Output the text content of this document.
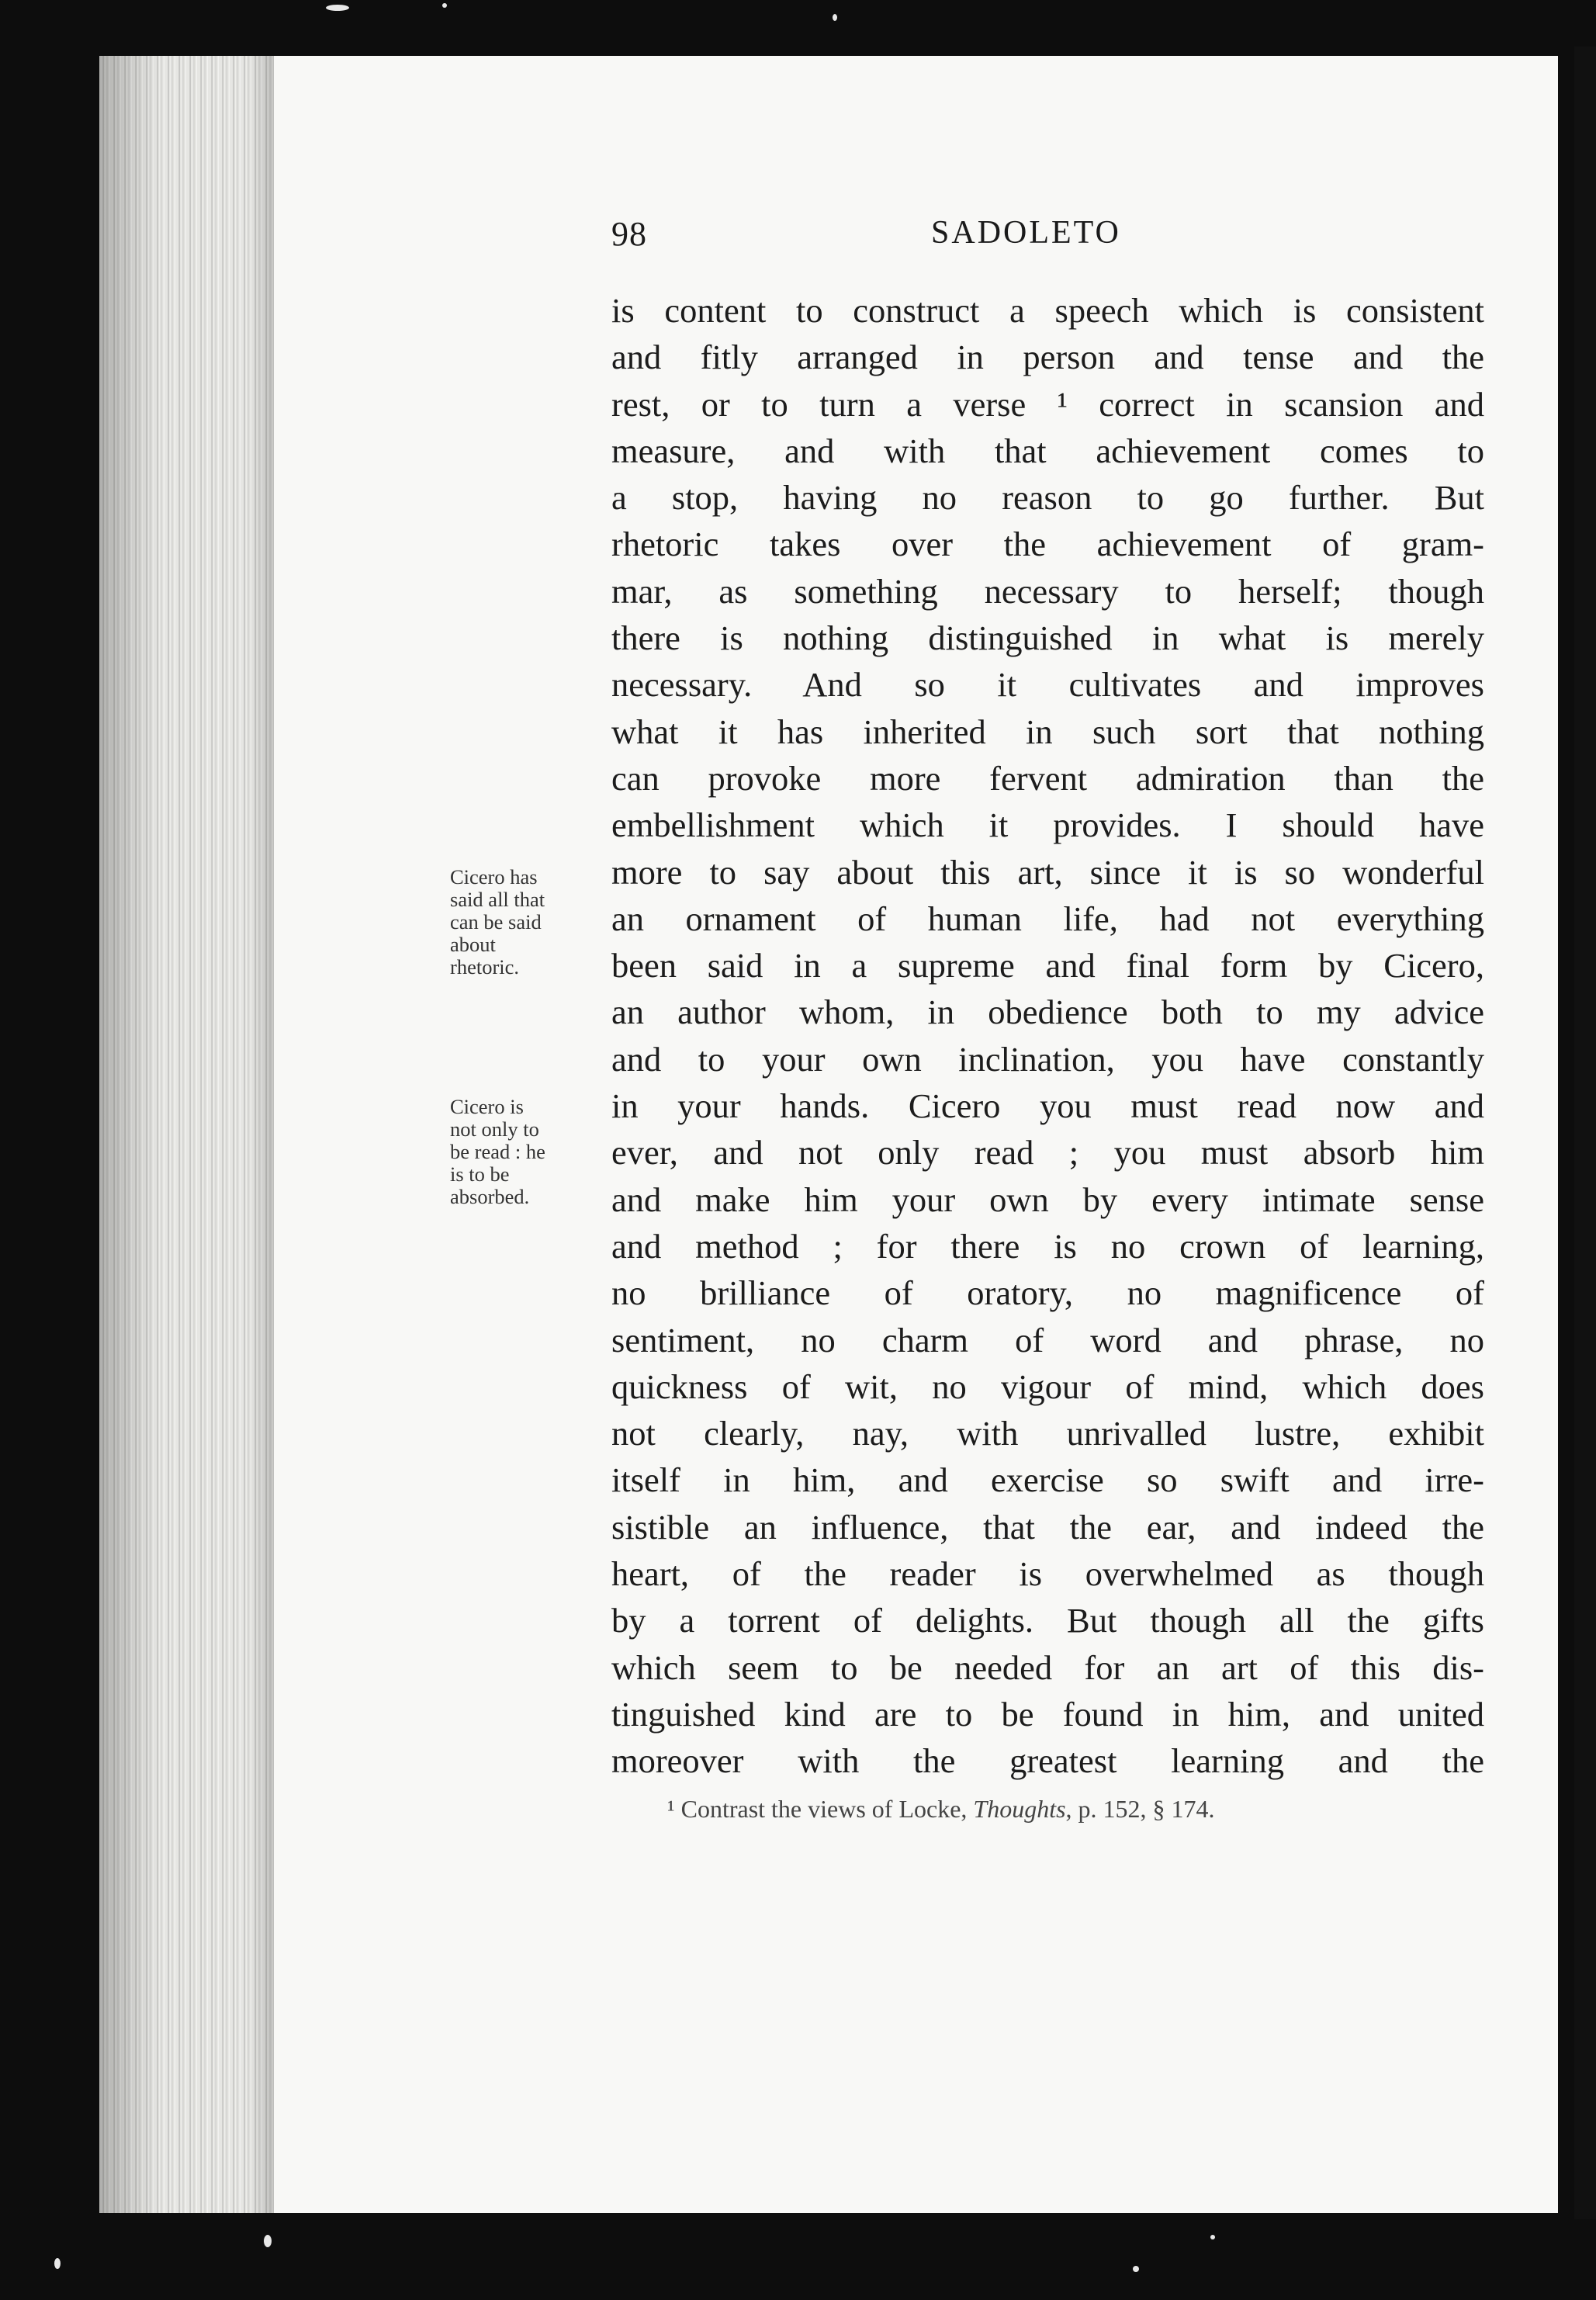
98	SADOLETO
Cicero has
said all that
can be said
about
rhetoric.
Cicero is
not only to
be read : he
is to be
absorbed.
is content to construct a speech which is consistent
and fitly arranged in person and tense and the
rest, or to turn a verse ¹ correct in scansion and
measure, and with that achievement comes to
a stop, having no reason to go further. But
rhetoric takes over the achievement of gram-
mar, as something necessary to herself; though
there is nothing distinguished in what is merely
necessary. And so it cultivates and improves
what it has inherited in such sort that nothing
can provoke more fervent admiration than the
embellishment which it provides. I should have
more to say about this art, since it is so wonderful
an ornament of human life, had not everything
been said in a supreme and final form by Cicero,
an author whom, in obedience both to my advice
and to your own inclination, you have constantly
in your hands. Cicero you must read now and
ever, and not only read ; you must absorb him
and make him your own by every intimate sense
and method ; for there is no crown of learning,
no brilliance of oratory, no magnificence of
sentiment, no charm of word and phrase, no
quickness of wit, no vigour of mind, which does
not clearly, nay, with unrivalled lustre, exhibit
itself in him, and exercise so swift and irre-
sistible an influence, that the ear, and indeed the
heart, of the reader is overwhelmed as though
by a torrent of delights. But though all the gifts
which seem to be needed for an art of this dis-
tinguished kind are to be found in him, and united
moreover with the greatest learning and the
¹ Contrast the views of Locke, Thoughts, p. 152, § 174.
